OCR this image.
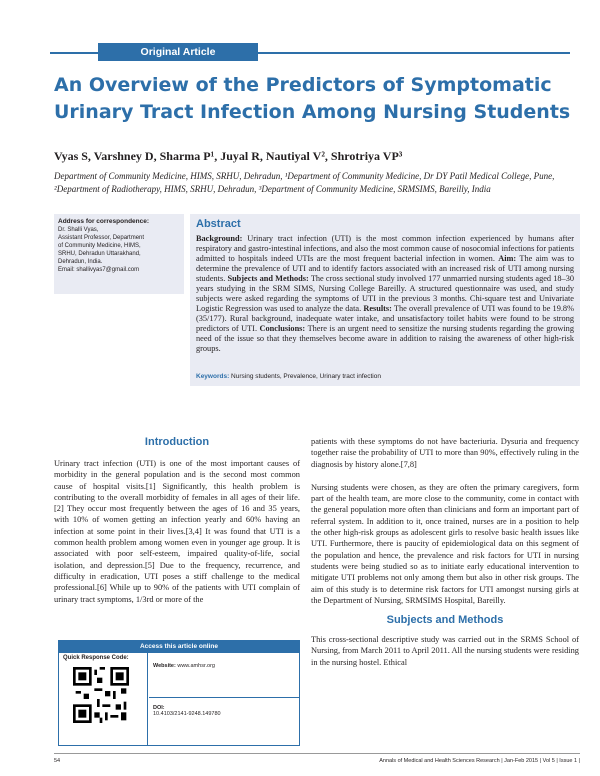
Original Article
An Overview of the Predictors of Symptomatic
Urinary Tract Infection Among Nursing Students
Vyas S, Varshney D, Sharma P¹, Juyal R, Nautiyal V², Shrotriya VP³
Department of Community Medicine, HIMS, SRHU, Dehradun, ¹Department of Community Medicine, Dr DY Patil Medical College, Pune, ²Department of Radiotherapy, HIMS, SRHU, Dehradun, ³Department of Community Medicine, SRMSIMS, Bareilly, India
Address for correspondence:
Dr. Shalli Vyas,
Assistant Professor, Department
of Community Medicine, HIMS,
SRHU, Dehradun Uttarakhand,
Dehradun, India.
Email: shallivyas7@gmail.com
Abstract
Background: Urinary tract infection (UTI) is the most common infection experienced by humans after respiratory and gastro-intestinal infections, and also the most common cause of nosocomial infections for patients admitted to hospitals indeed UTIs are the most frequent bacterial infection in women. Aim: The aim was to determine the prevalence of UTI and to identify factors associated with an increased risk of UTI among nursing students. Subjects and Methods: The cross sectional study involved 177 unmarried nursing students aged 18–30 years studying in the SRM SIMS, Nursing College Bareilly. A structured questionnaire was used, and study subjects were asked regarding the symptoms of UTI in the previous 3 months. Chi-square test and Univariate Logistic Regression was used to analyze the data. Results: The overall prevalence of UTI was found to be 19.8% (35/177). Rural background, inadequate water intake, and unsatisfactory toilet habits were found to be strong predictors of UTI. Conclusions: There is an urgent need to sensitize the nursing students regarding the growing need of the issue so that they themselves become aware in addition to raising the awareness of other high-risk groups.
Keywords: Nursing students, Prevalence, Urinary tract infection
Introduction

Urinary tract infection (UTI) is one of the most important causes of morbidity in the general population and is the second most common cause of hospital visits.[1] Significantly, this health problem is contributing to the overall morbidity of females in all ages of their life.[2] They occur most frequently between the ages of 16 and 35 years, with 10% of women getting an infection yearly and 60% having an infection at some point in their lives.[3,4] It was found that UTI is a common health problem among women even in younger age group. It is associated with poor self-esteem, impaired quality-of-life, social isolation, and depression.[5] Due to the frequency, recurrence, and difficulty in eradication, UTI poses a stiff challenge to the medical professional.[6] While up to 90% of the patients with UTI complain of urinary tract symptoms, 1/3rd or more of the

patients with these symptoms do not have bacteriuria. Dysuria and frequency together raise the probability of UTI to more than 90%, effectively ruling in the diagnosis by history alone.[7,8]

Nursing students were chosen, as they are often the primary caregivers, form part of the health team, are more close to the community, come in contact with the general population more often than clinicians and form an important part of referral system. In addition to it, once trained, nurses are in a position to help the other high-risk groups as adolescent girls to resolve basic health issues like UTI. Furthermore, there is paucity of epidemiological data on this segment of the population and hence, the prevalence and risk factors for UTI in nursing students were being studied so as to initiate early educational intervention to mitigate UTI problems not only among them but also in other risk groups. The aim of this study is to determine risk factors for UTI amongst nursing girls at the Department of Nursing, SRMSIMS Hospital, Bareilly.

Subjects and Methods

This cross-sectional descriptive study was carried out in the SRMS School of Nursing, from March 2011 to April 2011. All the nursing students were residing in the nursing hostel. Ethical

Access this article online
Quick Response Code:
Website: www.amhsr.org
DOI:
10.4103/2141-9248.149780
54	Annals of Medical and Health Sciences Research | Jan-Feb 2015 | Vol 5 | Issue 1 |
